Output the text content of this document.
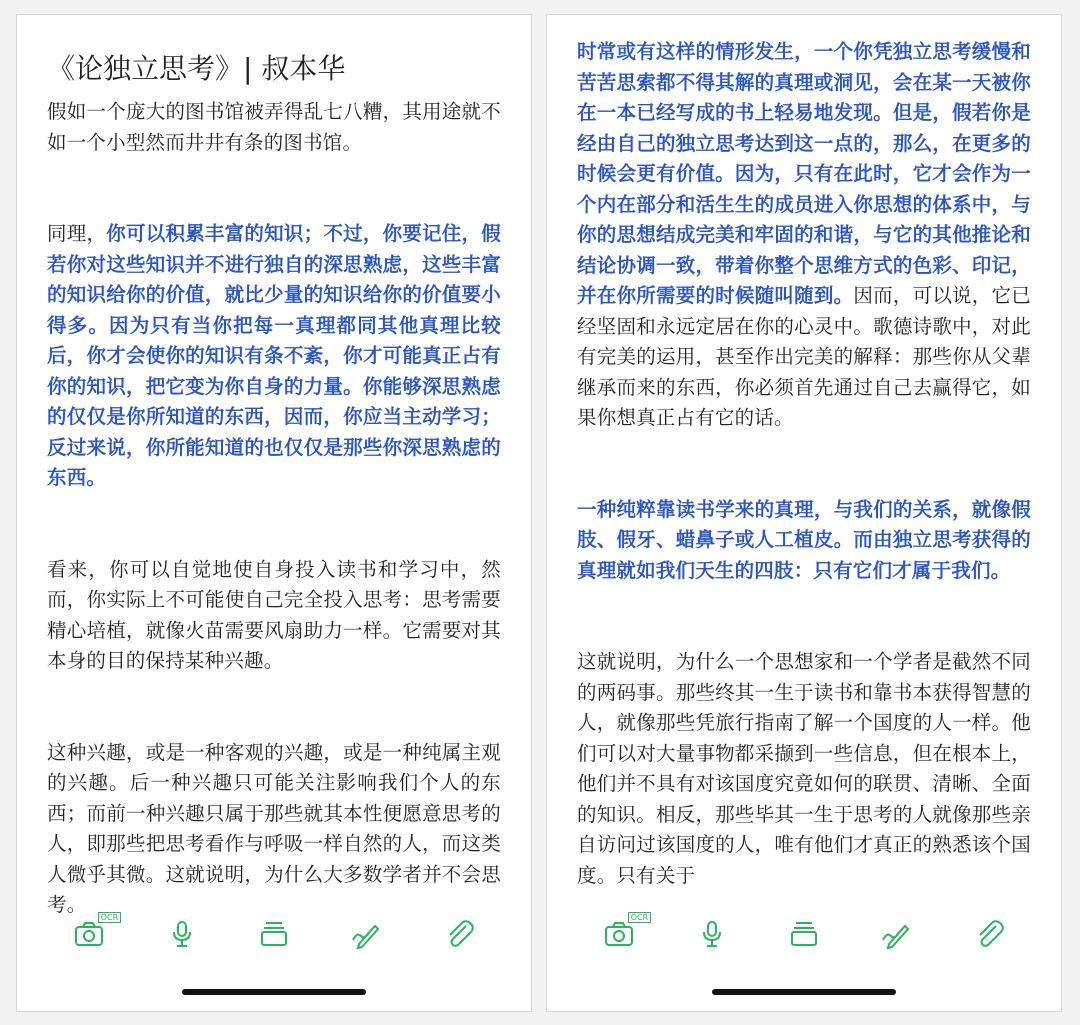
《论独立思考》| 叔本华

假如一个庞大的图书馆被弄得乱七八糟，其用途就不如一个小型然而井井有条的图书馆。

同理，你可以积累丰富的知识；不过，你要记住，假若你对这些知识并不进行独自的深思熟虑，这些丰富的知识给你的价值，就比少量的知识给你的价值要小得多。因为只有当你把每一真理都同其他真理比较后，你才会使你的知识有条不紊，你才可能真正占有你的知识，把它变为你自身的力量。你能够深思熟虑的仅仅是你所知道的东西，因而，你应当主动学习；反过来说，你所能知道的也仅仅是那些你深思熟虑的东西。

看来，你可以自觉地使自身投入读书和学习中，然而，你实际上不可能使自己完全投入思考：思考需要精心培植，就像火苗需要风扇助力一样。它需要对其本身的目的保持某种兴趣。

这种兴趣，或是一种客观的兴趣，或是一种纯属主观的兴趣。后一种兴趣只可能关注影响我们个人的东西；而前一种兴趣只属于那些就其本性便愿意思考的人，即那些把思考看作与呼吸一样自然的人，而这类人微乎其微。这就说明，为什么大多数学者并不会思考。

OCR

时常或有这样的情形发生，一个你凭独立思考缓慢和苦苦思索都不得其解的真理或洞见，会在某一天被你在一本已经写成的书上轻易地发现。但是，假若你是经由自己的独立思考达到这一点的，那么，在更多的时候会更有价值。因为，只有在此时，它才会作为一个内在部分和活生生的成员进入你思想的体系中，与你的思想结成完美和牢固的和谐，与它的其他推论和结论协调一致，带着你整个思维方式的色彩、印记，并在你所需要的时候随叫随到。因而，可以说，它已经坚固和永远定居在你的心灵中。歌德诗歌中，对此有完美的运用，甚至作出完美的解释：那些你从父辈继承而来的东西，你必须首先通过自己去赢得它，如果你想真正占有它的话。

一种纯粹靠读书学来的真理，与我们的关系，就像假肢、假牙、蜡鼻子或人工植皮。而由独立思考获得的真理就如我们天生的四肢：只有它们才属于我们。

这就说明，为什么一个思想家和一个学者是截然不同的两码事。那些终其一生于读书和靠书本获得智慧的人，就像那些凭旅行指南了解一个国度的人一样。他们可以对大量事物都采撷到一些信息，但在根本上，他们并不具有对该国度究竟如何的联贯、清晰、全面的知识。相反，那些毕其一生于思考的人就像那些亲自访问过该国度的人，唯有他们才真正的熟悉该个国度。只有关于

OCR
